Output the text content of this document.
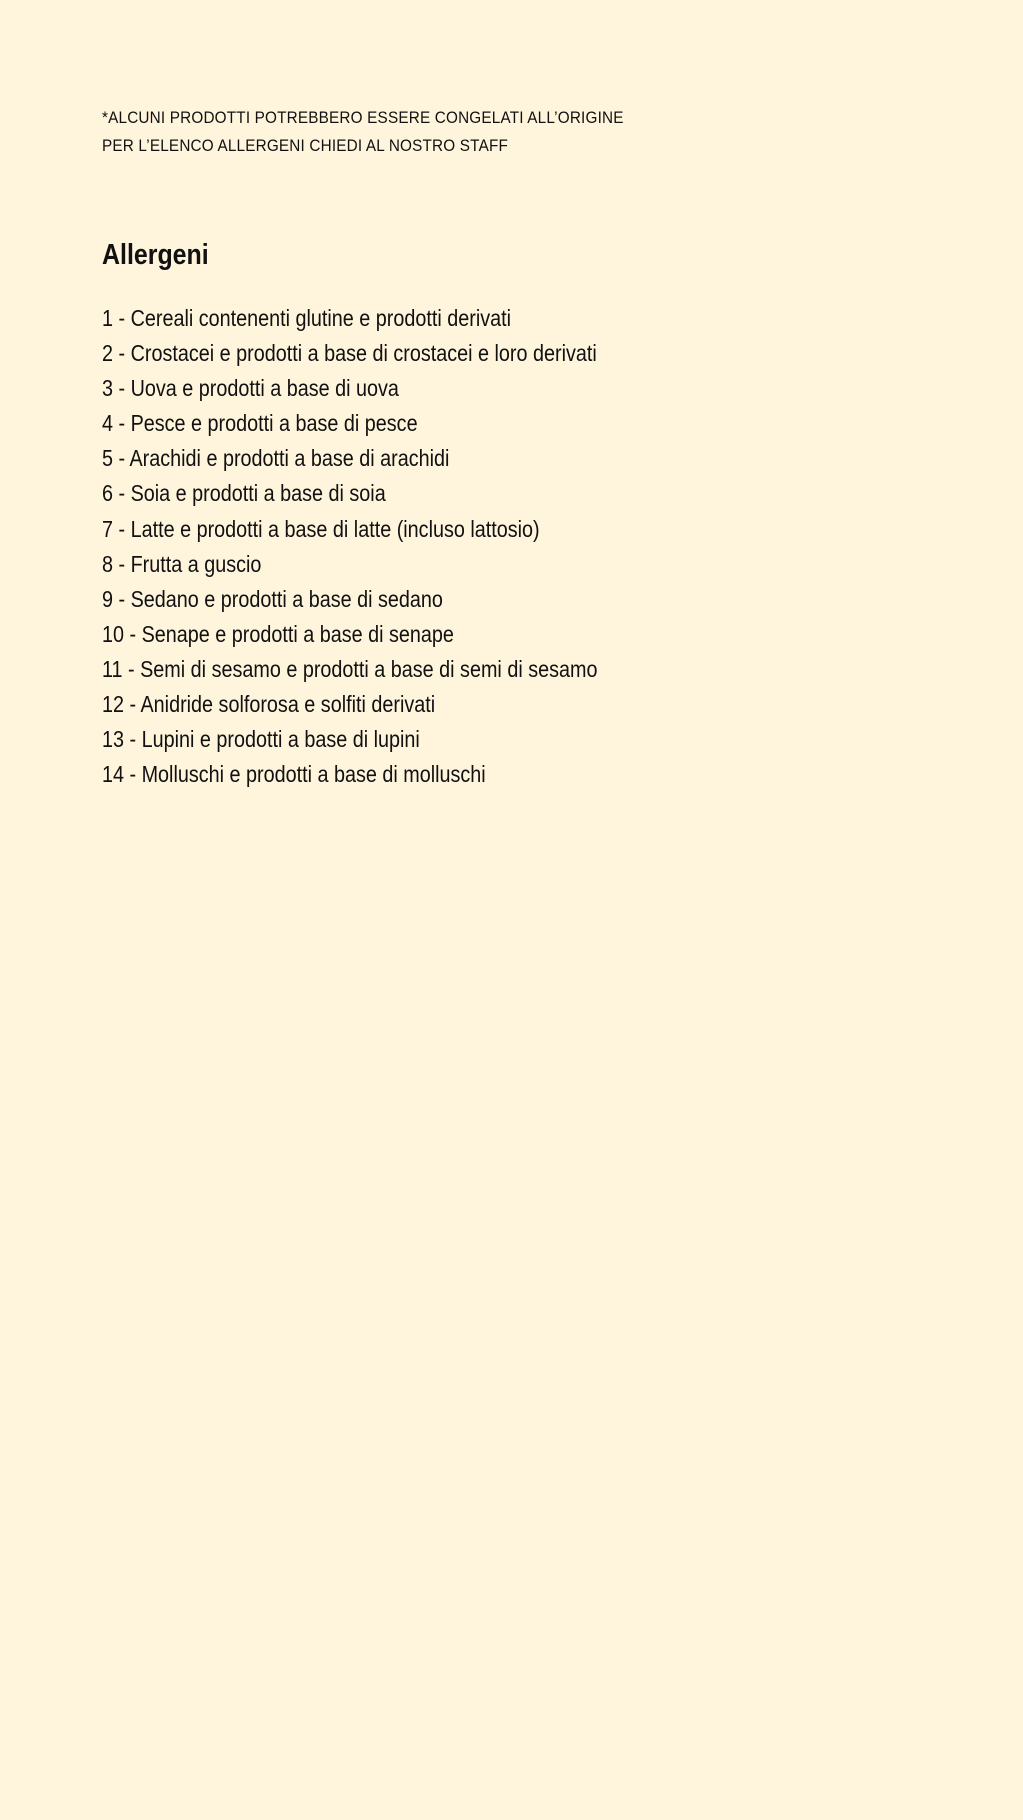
*ALCUNI PRODOTTI POTREBBERO ESSERE CONGELATI ALL’ORIGINE
PER L’ELENCO ALLERGENI CHIEDI AL NOSTRO STAFF
Allergeni
1 - Cereali contenenti glutine e prodotti derivati
2 - Crostacei e prodotti a base di crostacei e loro derivati
3 - Uova e prodotti a base di uova
4 - Pesce e prodotti a base di pesce
5 - Arachidi e prodotti a base di arachidi
6 - Soia e prodotti a base di soia
7 - Latte e prodotti a base di latte (incluso lattosio)
8 - Frutta a guscio
9 - Sedano e prodotti a base di sedano
10 - Senape e prodotti a base di senape
11 - Semi di sesamo e prodotti a base di semi di sesamo
12 - Anidride solforosa e solfiti derivati
13 - Lupini e prodotti a base di lupini
14 - Molluschi e prodotti a base di molluschi
